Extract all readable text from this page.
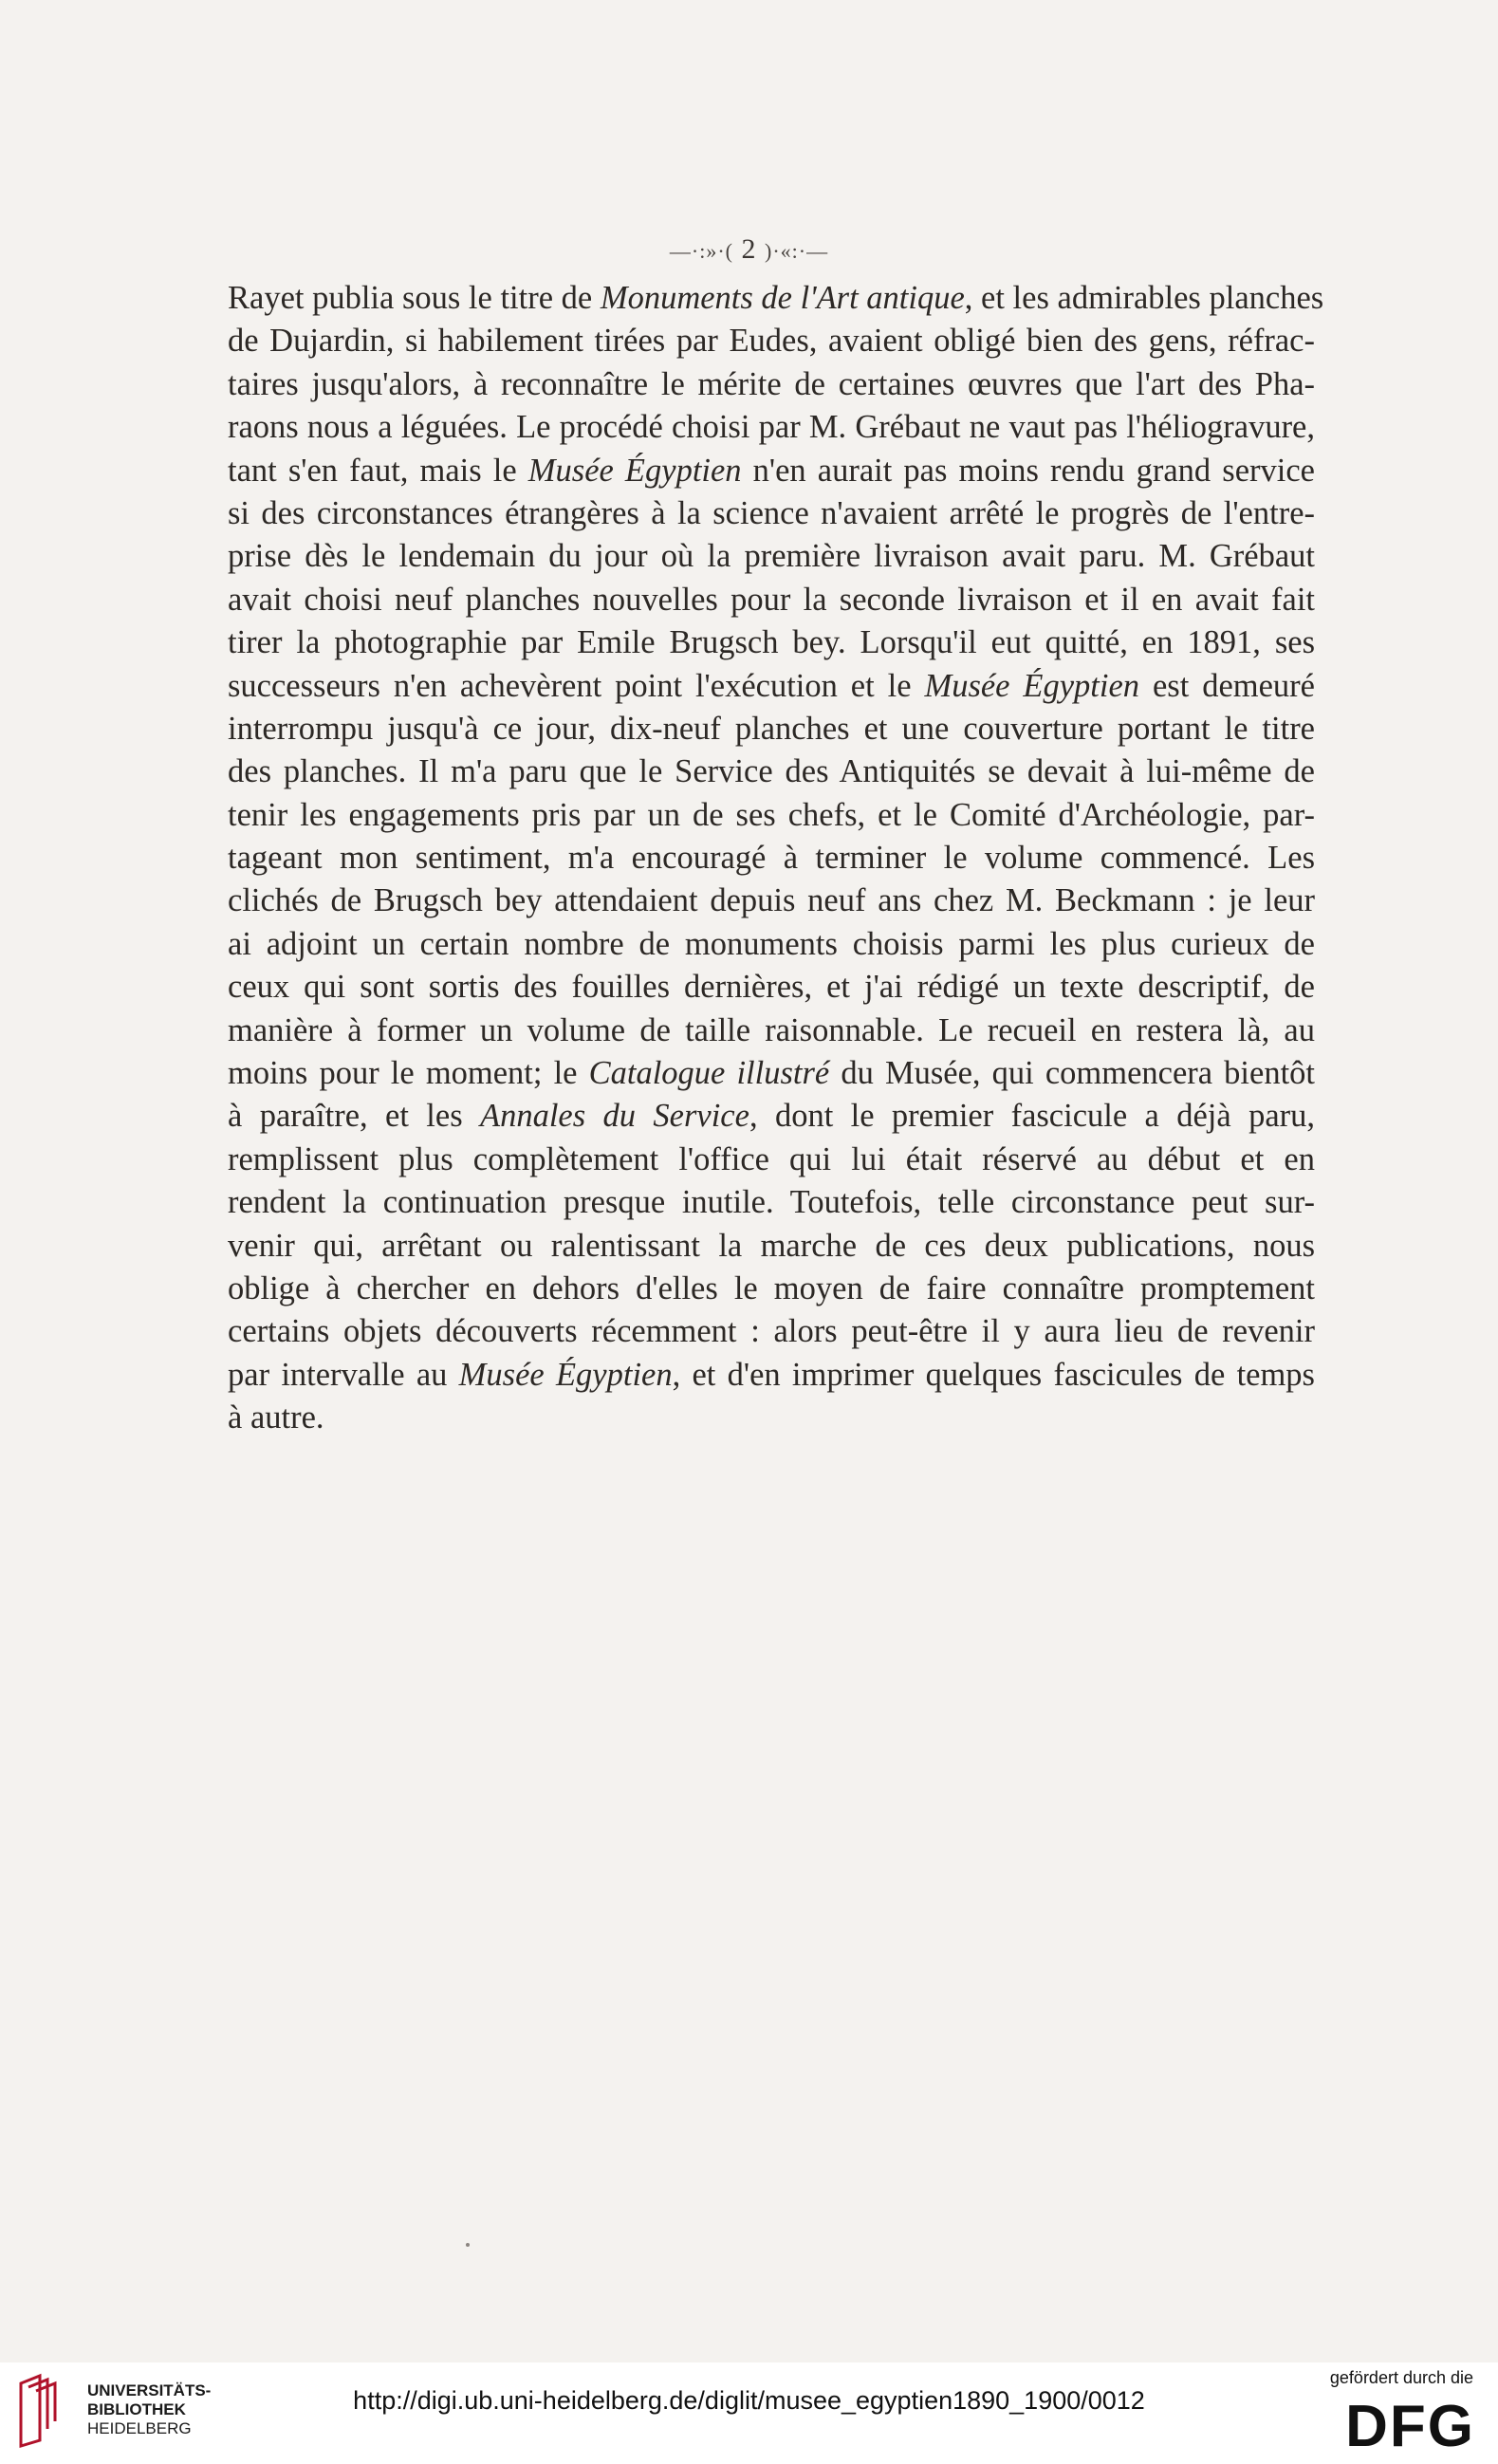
—·:»·( 2 )·«:·—
Rayet publia sous le titre de Monuments de l'Art antique, et les admirables planches
de Dujardin, si habilement tirées par Eudes, avaient obligé bien des gens, réfrac-
taires jusqu'alors, à reconnaître le mérite de certaines œuvres que l'art des Pha-
raons nous a léguées. Le procédé choisi par M. Grébaut ne vaut pas l'héliogravure,
tant s'en faut, mais le Musée Égyptien n'en aurait pas moins rendu grand service
si des circonstances étrangères à la science n'avaient arrêté le progrès de l'entre-
prise dès le lendemain du jour où la première livraison avait paru. M. Grébaut
avait choisi neuf planches nouvelles pour la seconde livraison et il en avait fait
tirer la photographie par Emile Brugsch bey. Lorsqu'il eut quitté, en 1891, ses
successeurs n'en achevèrent point l'exécution et le Musée Égyptien est demeuré
interrompu jusqu'à ce jour, dix-neuf planches et une couverture portant le titre
des planches. Il m'a paru que le Service des Antiquités se devait à lui-même de
tenir les engagements pris par un de ses chefs, et le Comité d'Archéologie, par-
tageant mon sentiment, m'a encouragé à terminer le volume commencé. Les
clichés de Brugsch bey attendaient depuis neuf ans chez M. Beckmann : je leur
ai adjoint un certain nombre de monuments choisis parmi les plus curieux de
ceux qui sont sortis des fouilles dernières, et j'ai rédigé un texte descriptif, de
manière à former un volume de taille raisonnable. Le recueil en restera là, au
moins pour le moment; le Catalogue illustré du Musée, qui commencera bientôt
à paraître, et les Annales du Service, dont le premier fascicule a déjà paru,
remplissent plus complètement l'office qui lui était réservé au début et en
rendent la continuation presque inutile. Toutefois, telle circonstance peut sur-
venir qui, arrêtant ou ralentissant la marche de ces deux publications, nous
oblige à chercher en dehors d'elles le moyen de faire connaître promptement
certains objets découverts récemment : alors peut-être il y aura lieu de revenir
par intervalle au Musée Égyptien, et d'en imprimer quelques fascicules de temps
à autre.
UNIVERSITÄTS-
BIBLIOTHEK
HEIDELBERG
http://digi.ub.uni-heidelberg.de/diglit/musee_egyptien1890_1900/0012
gefördert durch die
DFG
